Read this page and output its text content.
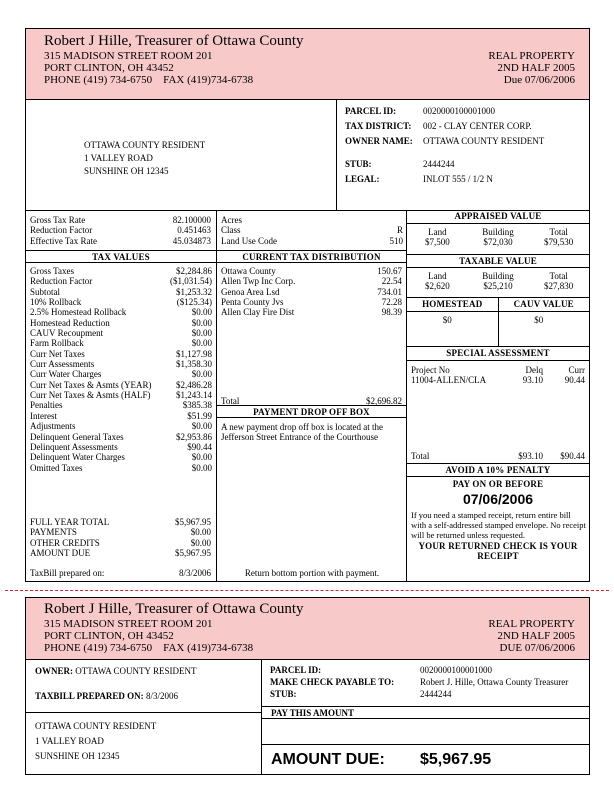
Robert J Hille, Treasurer of Ottawa County
315 MADISON STREET ROOM 201
PORT CLINTON, OH 43452
PHONE (419) 734-6750    FAX (419)734-6738
REAL PROPERTY
2ND HALF 2005
Due 07/06/2006
OTTAWA COUNTY RESIDENT
1 VALLEY ROAD
SUNSHINE OH 12345
PARCEL ID:	0020000100001000
TAX DISTRICT: 002 - CLAY CENTER CORP.
OWNER NAME: OTTAWA COUNTY RESIDENT
STUB:	2444244
LEGAL:	INLOT 555 / 1/2 N
Gross Tax Rate	82.100000
Reduction Factor	0.451463
Effective Tax Rate	45.034873
Acres
Class	R
Land Use Code	510
TAX VALUES
Gross Taxes	$2,284.86
Reduction Factor	($1,031.54)
Subtotal	$1,253.32
10% Rollback	($125.34)
2.5% Homestead Rollback	$0.00
Homestead Reduction	$0.00
CAUV Recoupment	$0.00
Farm Rollback	$0.00
Curr Net Taxes	$1,127.98
Curr Assessments	$1,358.30
Curr Water Charges	$0.00
Curr Net Taxes & Asmts (YEAR)	$2,486.28
Curr Net Taxes & Asmts (HALF)	$1,243.14
Penalties	$385.38
Interest	$51.99
Adjustments	$0.00
Delinquent General Taxes	$2,953.86
Delinquent Assessments	$90.44
Delinquent Water Charges	$0.00
Omitted Taxes	$0.00
FULL YEAR TOTAL	$5,967.95
PAYMENTS	$0.00
OTHER CREDITS	$0.00
AMOUNT DUE	$5,967.95
TaxBill prepared on:	8/3/2006
CURRENT TAX DISTRIBUTION
Ottawa County	150.67
Allen Twp Inc Corp.	22.54
Genoa Area Lsd	734.01
Penta County Jvs	72.28
Allen Clay Fire Dist	98.39
Total	$2,696.82
PAYMENT DROP OFF BOX
A new payment drop off box is located at the Jefferson Street Entrance of the Courthouse
Return bottom portion with payment.
APPRAISED VALUE
Land	Building	Total
$7,500	$72,030	$79,530
TAXABLE VALUE
Land	Building	Total
$2,620	$25,210	$27,830
HOMESTEAD
$0
CAUV VALUE
$0
SPECIAL ASSESSMENT
Project No	Delq	Curr
11004-ALLEN/CLA	93.10 90.44
Total	$93.10 $90.44
AVOID A 10% PENALTY
PAY ON OR BEFORE
07/06/2006
If you need a stamped receipt, return entire bill with a self-addressed stamped envelope. No receipt will be returned unless requested.
YOUR RETURNED CHECK IS YOUR RECEIPT
Robert J Hille, Treasurer of Ottawa County
315 MADISON STREET ROOM 201
PORT CLINTON, OH 43452
PHONE (419) 734-6750    FAX (419)734-6738
REAL PROPERTY
2ND HALF 2005
DUE 07/06/2006
OWNER: OTTAWA COUNTY RESIDENT
TAXBILL PREPARED ON: 8/3/2006
OTTAWA COUNTY RESIDENT
1 VALLEY ROAD
SUNSHINE OH 12345
PARCEL ID:	0020000100001000
MAKE CHECK PAYABLE TO:	Robert J. Hille, Ottawa County Treasurer
STUB:	2444244
PAY THIS AMOUNT
AMOUNT DUE: $5,967.95
